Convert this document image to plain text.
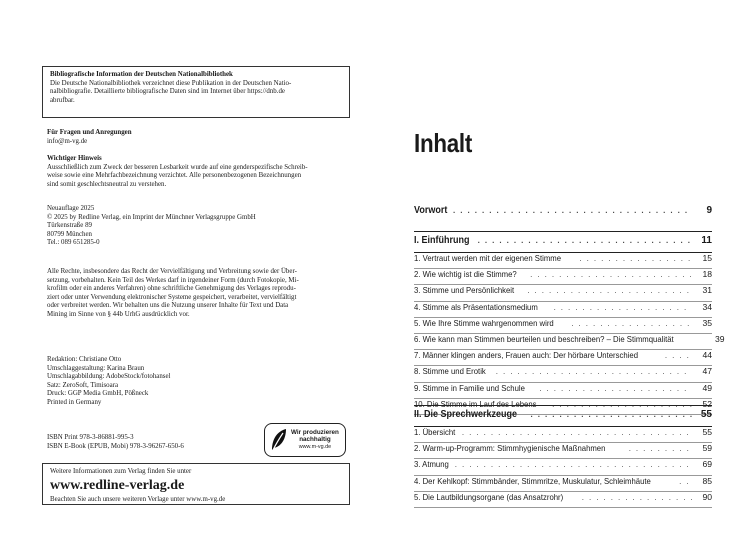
Bibliografische Information der Deutschen Nationalbibliothek
Die Deutsche Nationalbibliothek verzeichnet diese Publikation in der Deutschen Natio-
nalbibliografie. Detaillierte bibliografische Daten sind im Internet über https://dnb.de
abrufbar.
Für Fragen und Anregungen
info@m-vg.de
Wichtiger Hinweis
Ausschließlich zum Zweck der besseren Lesbarkeit wurde auf eine genderspezifische Schreib-
weise sowie eine Mehrfachbezeichnung verzichtet. Alle personenbezogenen Bezeichnungen
sind somit geschlechtsneutral zu verstehen.
Neuauflage 2025
© 2025 by Redline Verlag, ein Imprint der Münchner Verlagsgruppe GmbH
Türkenstraße 89
80799 München
Tel.: 089 651285-0
Alle Rechte, insbesondere das Recht der Vervielfältigung und Verbreitung sowie der Über-
setzung, vorbehalten. Kein Teil des Werkes darf in irgendeiner Form (durch Fotokopie, Mi-
krofilm oder ein anderes Verfahren) ohne schriftliche Genehmigung des Verlages reprodu-
ziert oder unter Verwendung elektronischer Systeme gespeichert, verarbeitet, vervielfältigt
oder verbreitet werden. Wir behalten uns die Nutzung unserer Inhalte für Text und Data
Mining im Sinne von § 44b UrhG ausdrücklich vor.
Redaktion: Christiane Otto
Umschlaggestaltung: Karina Braun
Umschlagabbildung: AdobeStock/fotohansel
Satz: ZeroSoft, Timisoara
Druck: GGP Media GmbH, Pößneck
Printed in Germany
ISBN Print 978-3-86881-995-3
ISBN E-Book (EPUB, Mobi) 978-3-96267-650-6
Wir produzieren
nachhaltig
www.m-vg.de
Weitere Informationen zum Verlag finden Sie unter
www.redline-verlag.de
Beachten Sie auch unsere weiteren Verlage unter www.m-vg.de
Inhalt
Vorwort . . .	9
I. Einführung . . .	11
1. Vertraut werden mit der eigenen Stimme . . .	15
2. Wie wichtig ist die Stimme? . . .	18
3. Stimme und Persönlichkeit . . .	31
4. Stimme als Präsentationsmedium . . .	34
5. Wie Ihre Stimme wahrgenommen wird . . .	35
6. Wie kann man Stimmen beurteilen und beschreiben? – Die Stimmqualität	39
7. Männer klingen anders, Frauen auch: Der hörbare Unterschied . . .	44
8. Stimme und Erotik . . .	47
9. Stimme in Familie und Schule . . .	49
10. Die Stimme im Lauf des Lebens . . .	52
II. Die Sprechwerkzeuge . . .	55
1. Übersicht . . .	55
2. Warm-up-Programm: Stimmhygienische Maßnahmen . . .	59
3. Atmung . . .	69
4. Der Kehlkopf: Stimmbänder, Stimmritze, Muskulatur, Schleimhäute . . .	85
5. Die Lautbildungsorgane (das Ansatzrohr) . . .	90
